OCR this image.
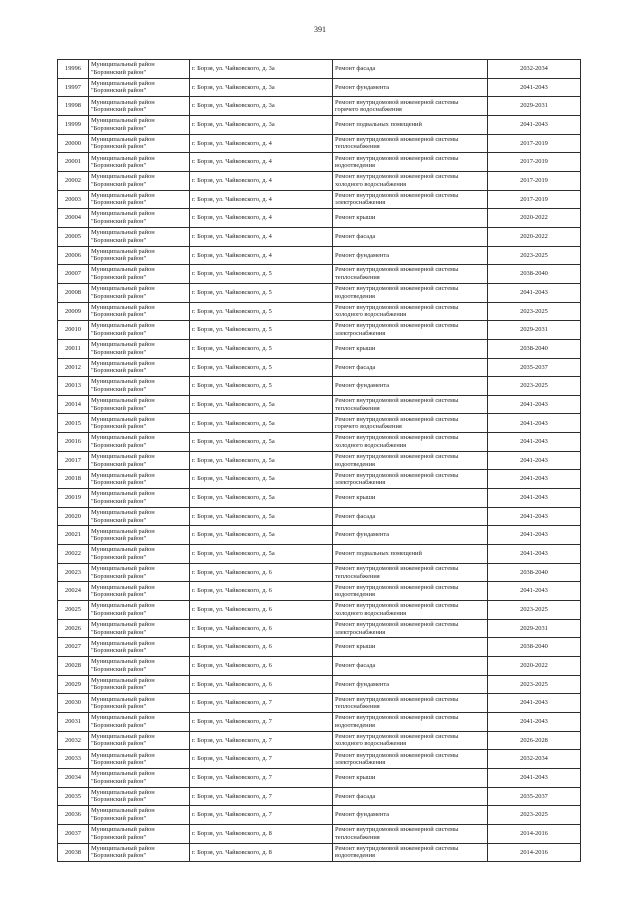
391
19996	Муниципальный район
"Борзинский район"	г. Борзя, ул. Чайковского, д. 3а	Ремонт фасада	2032-2034
19997	Муниципальный район
"Борзинский район"	г. Борзя, ул. Чайковского, д. 3а	Ремонт фундамента	2041-2043
19998	Муниципальный район
"Борзинский район"	г. Борзя, ул. Чайковского, д. 3а	Ремонт внутридомовой инженерной системы
горячего водоснабжения	2029-2031
19999	Муниципальный район
"Борзинский район"	г. Борзя, ул. Чайковского, д. 3а	Ремонт подвальных помещений	2041-2043
20000	Муниципальный район
"Борзинский район"	г. Борзя, ул. Чайковского, д. 4	Ремонт внутридомовой инженерной системы
теплоснабжения	2017-2019
20001	Муниципальный район
"Борзинский район"	г. Борзя, ул. Чайковского, д. 4	Ремонт внутридомовой инженерной системы
водоотведения	2017-2019
20002	Муниципальный район
"Борзинский район"	г. Борзя, ул. Чайковского, д. 4	Ремонт внутридомовой инженерной системы
холодного водоснабжения	2017-2019
20003	Муниципальный район
"Борзинский район"	г. Борзя, ул. Чайковского, д. 4	Ремонт внутридомовой инженерной системы
электроснабжения	2017-2019
20004	Муниципальный район
"Борзинский район"	г. Борзя, ул. Чайковского, д. 4	Ремонт крыши	2020-2022
20005	Муниципальный район
"Борзинский район"	г. Борзя, ул. Чайковского, д. 4	Ремонт фасада	2020-2022
20006	Муниципальный район
"Борзинский район"	г. Борзя, ул. Чайковского, д. 4	Ремонт фундамента	2023-2025
20007	Муниципальный район
"Борзинский район"	г. Борзя, ул. Чайковского, д. 5	Ремонт внутридомовой инженерной системы
теплоснабжения	2038-2040
20008	Муниципальный район
"Борзинский район"	г. Борзя, ул. Чайковского, д. 5	Ремонт внутридомовой инженерной системы
водоотведения	2041-2043
20009	Муниципальный район
"Борзинский район"	г. Борзя, ул. Чайковского, д. 5	Ремонт внутридомовой инженерной системы
холодного водоснабжения	2023-2025
20010	Муниципальный район
"Борзинский район"	г. Борзя, ул. Чайковского, д. 5	Ремонт внутридомовой инженерной системы
электроснабжения	2029-2031
20011	Муниципальный район
"Борзинский район"	г. Борзя, ул. Чайковского, д. 5	Ремонт крыши	2038-2040
20012	Муниципальный район
"Борзинский район"	г. Борзя, ул. Чайковского, д. 5	Ремонт фасада	2035-2037
20013	Муниципальный район
"Борзинский район"	г. Борзя, ул. Чайковского, д. 5	Ремонт фундамента	2023-2025
20014	Муниципальный район
"Борзинский район"	г. Борзя, ул. Чайковского, д. 5а	Ремонт внутридомовой инженерной системы
теплоснабжения	2041-2043
20015	Муниципальный район
"Борзинский район"	г. Борзя, ул. Чайковского, д. 5а	Ремонт внутридомовой инженерной системы
горячего водоснабжения	2041-2043
20016	Муниципальный район
"Борзинский район"	г. Борзя, ул. Чайковского, д. 5а	Ремонт внутридомовой инженерной системы
холодного водоснабжения	2041-2043
20017	Муниципальный район
"Борзинский район"	г. Борзя, ул. Чайковского, д. 5а	Ремонт внутридомовой инженерной системы
водоотведения	2041-2043
20018	Муниципальный район
"Борзинский район"	г. Борзя, ул. Чайковского, д. 5а	Ремонт внутридомовой инженерной системы
электроснабжения	2041-2043
20019	Муниципальный район
"Борзинский район"	г. Борзя, ул. Чайковского, д. 5а	Ремонт крыши	2041-2043
20020	Муниципальный район
"Борзинский район"	г. Борзя, ул. Чайковского, д. 5а	Ремонт фасада	2041-2043
20021	Муниципальный район
"Борзинский район"	г. Борзя, ул. Чайковского, д. 5а	Ремонт фундамента	2041-2043
20022	Муниципальный район
"Борзинский район"	г. Борзя, ул. Чайковского, д. 5а	Ремонт подвальных помещений	2041-2043
20023	Муниципальный район
"Борзинский район"	г. Борзя, ул. Чайковского, д. 6	Ремонт внутридомовой инженерной системы
теплоснабжения	2038-2040
20024	Муниципальный район
"Борзинский район"	г. Борзя, ул. Чайковского, д. 6	Ремонт внутридомовой инженерной системы
водоотведения	2041-2043
20025	Муниципальный район
"Борзинский район"	г. Борзя, ул. Чайковского, д. 6	Ремонт внутридомовой инженерной системы
холодного водоснабжения	2023-2025
20026	Муниципальный район
"Борзинский район"	г. Борзя, ул. Чайковского, д. 6	Ремонт внутридомовой инженерной системы
электроснабжения	2029-2031
20027	Муниципальный район
"Борзинский район"	г. Борзя, ул. Чайковского, д. 6	Ремонт крыши	2038-2040
20028	Муниципальный район
"Борзинский район"	г. Борзя, ул. Чайковского, д. 6	Ремонт фасада	2020-2022
20029	Муниципальный район
"Борзинский район"	г. Борзя, ул. Чайковского, д. 6	Ремонт фундамента	2023-2025
20030	Муниципальный район
"Борзинский район"	г. Борзя, ул. Чайковского, д. 7	Ремонт внутридомовой инженерной системы
теплоснабжения	2041-2043
20031	Муниципальный район
"Борзинский район"	г. Борзя, ул. Чайковского, д. 7	Ремонт внутридомовой инженерной системы
водоотведения	2041-2043
20032	Муниципальный район
"Борзинский район"	г. Борзя, ул. Чайковского, д. 7	Ремонт внутридомовой инженерной системы
холодного водоснабжения	2026-2028
20033	Муниципальный район
"Борзинский район"	г. Борзя, ул. Чайковского, д. 7	Ремонт внутридомовой инженерной системы
электроснабжения	2032-2034
20034	Муниципальный район
"Борзинский район"	г. Борзя, ул. Чайковского, д. 7	Ремонт крыши	2041-2043
20035	Муниципальный район
"Борзинский район"	г. Борзя, ул. Чайковского, д. 7	Ремонт фасада	2035-2037
20036	Муниципальный район
"Борзинский район"	г. Борзя, ул. Чайковского, д. 7	Ремонт фундамента	2023-2025
20037	Муниципальный район
"Борзинский район"	г. Борзя, ул. Чайковского, д. 8	Ремонт внутридомовой инженерной системы
теплоснабжения	2014-2016
20038	Муниципальный район
"Борзинский район"	г. Борзя, ул. Чайковского, д. 8	Ремонт внутридомовой инженерной системы
водоотведения	2014-2016
